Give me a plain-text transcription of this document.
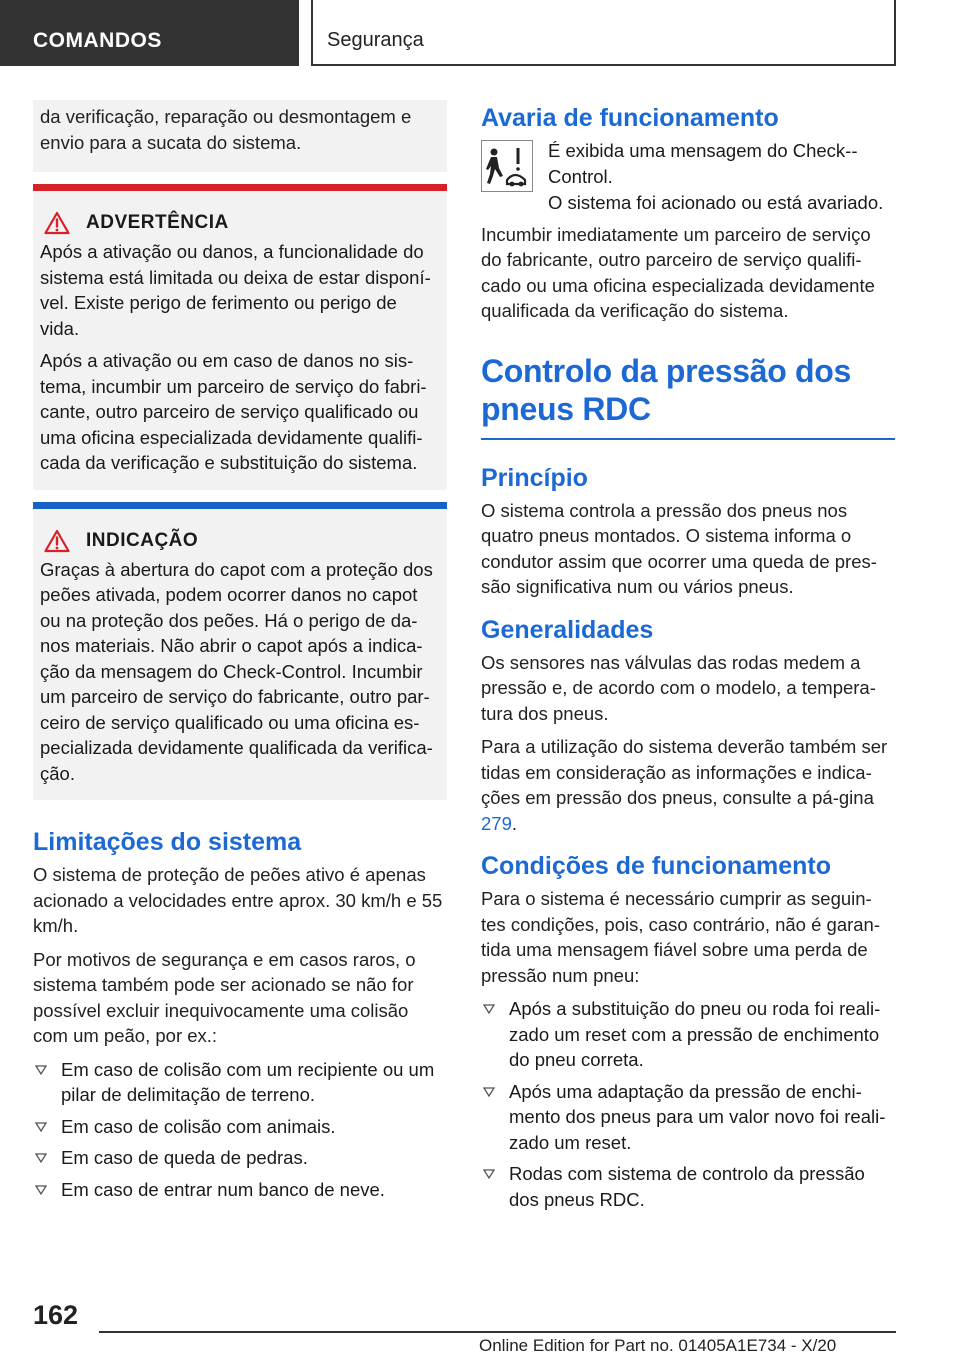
COMANDOS	Segurança

da verificação, reparação ou desmontagem e envio para a sucata do sistema.

ADVERTÊNCIA

Após a ativação ou danos, a funcionalidade do sistema está limitada ou deixa de estar disponí-vel. Existe perigo de ferimento ou perigo de vida.

Após a ativação ou em caso de danos no sis-tema, incumbir um parceiro de serviço do fabri-cante, outro parceiro de serviço qualificado ou uma oficina especializada devidamente qualifi-cada da verificação e substituição do sistema.

INDICAÇÃO

Graças à abertura do capot com a proteção dos peões ativada, podem ocorrer danos no capot ou na proteção dos peões. Há o perigo de da-nos materiais. Não abrir o capot após a indica-ção da mensagem do Check-Control. Incumbir um parceiro de serviço do fabricante, outro par-ceiro de serviço qualificado ou uma oficina es-pecializada devidamente qualificada da verifica-ção.

Limitações do sistema

O sistema de proteção de peões ativo é apenas acionado a velocidades entre aprox. 30 km/h e 55 km/h.

Por motivos de segurança e em casos raros, o sistema também pode ser acionado se não for possível excluir inequivocamente uma colisão com um peão, por ex.:

Em caso de colisão com um recipiente ou um pilar de delimitação de terreno.
Em caso de colisão com animais.
Em caso de queda de pedras.
Em caso de entrar num banco de neve.
Avaria de funcionamento

É exibida uma mensagem do Check--Control.

O sistema foi acionado ou está avariado.

Incumbir imediatamente um parceiro de serviço do fabricante, outro parceiro de serviço qualifi-cado ou uma oficina especializada devidamente qualificada da verificação do sistema.

Controlo da pressão dos pneus RDC
Princípio

O sistema controla a pressão dos pneus nos quatro pneus montados. O sistema informa o condutor assim que ocorrer uma queda de pres-são significativa num ou vários pneus.

Generalidades

Os sensores nas válvulas das rodas medem a pressão e, de acordo com o modelo, a tempera-tura dos pneus.

Para a utilização do sistema deverão também ser tidas em consideração as informações e indica-ções em pressão dos pneus, consulte a pá-gina 279.

Condições de funcionamento

Para o sistema é necessário cumprir as seguin-tes condições, pois, caso contrário, não é garan-tida uma mensagem fiável sobre uma perda de pressão num pneu:

Após a substituição do pneu ou roda foi reali-zado um reset com a pressão de enchimento do pneu correta.
Após uma adaptação da pressão de enchi-mento dos pneus para um valor novo foi reali-zado um reset.
Rodas com sistema de controlo da pressão dos pneus RDC.
162
Online Edition for Part no. 01405A1E734 - X/20
